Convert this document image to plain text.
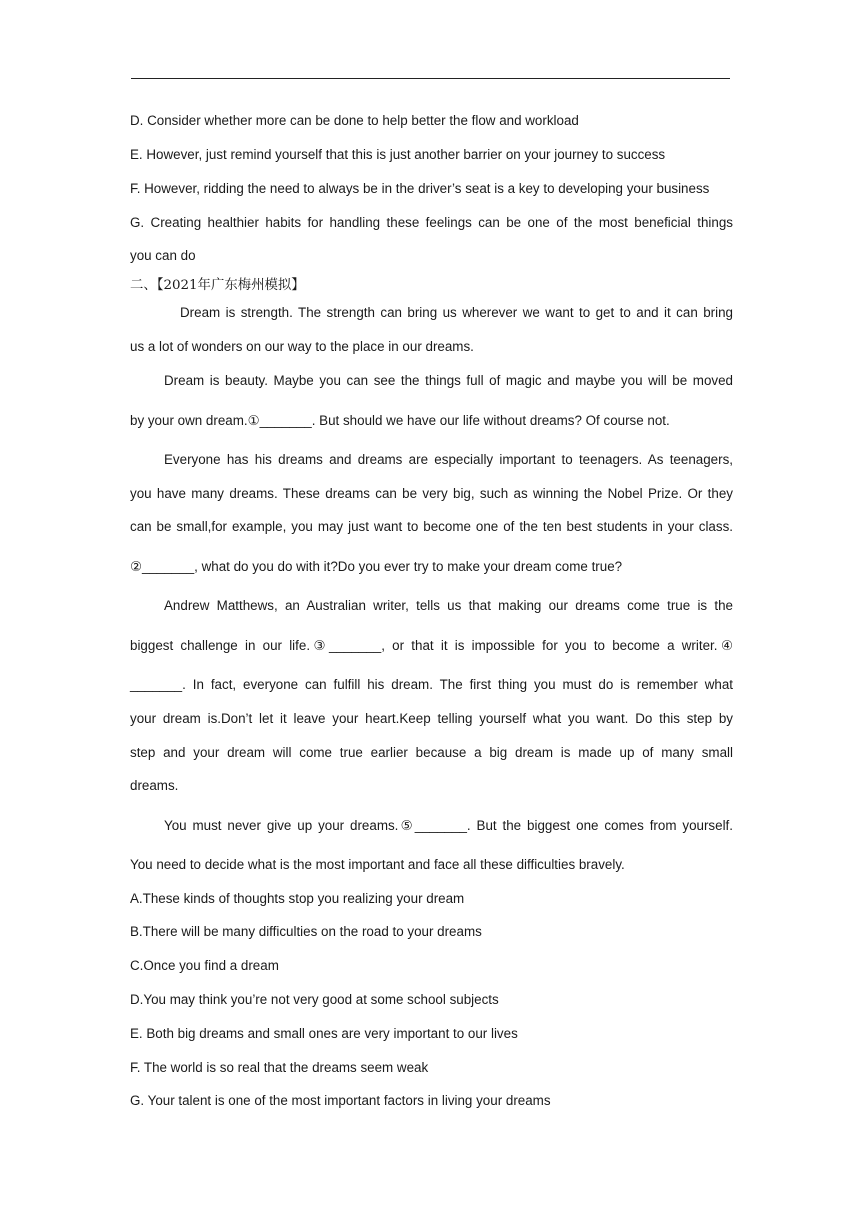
D. Consider whether more can be done to help better the flow and workload
E. However, just remind yourself that this is just another barrier on your journey to success
F. However, ridding the need to always be in the driver’s seat is a key to developing your business
G. Creating healthier habits for handling these feelings can be one of the most beneficial things
you can do
二、【2021年广东梅州模拟】
Dream is strength. The strength can bring us wherever we want to get to and it can bring
us a lot of wonders on our way to the place in our dreams.
Dream is beauty. Maybe you can see the things full of magic and maybe you will be moved
by your own dream.①_______. But should we have our life without dreams? Of course not.
Everyone has his dreams and dreams are especially important to teenagers. As teenagers,
you have many dreams. These dreams can be very big, such as winning the Nobel Prize. Or they
can be small,for example, you may just want to become one of the ten best students in your class.
②_______, what do you do with it?Do you ever try to make your dream come true?
Andrew Matthews, an Australian writer, tells us that making our dreams come true is the
biggest challenge in our life.③_______, or that it is impossible for you to become a writer.④
_______. In fact, everyone can fulfill his dream. The first thing you must do is remember what
your dream is.Don’t let it leave your heart.Keep telling yourself what you want. Do this step by
step and your dream will come true earlier because a big dream is made up of many small
dreams.
You must never give up your dreams.⑤_______. But the biggest one comes from yourself.
You need to decide what is the most important and face all these difficulties bravely.
A.These kinds of thoughts stop you realizing your dream
B.There will be many difficulties on the road to your dreams
C.Once you find a dream
D.You may think you’re not very good at some school subjects
E. Both big dreams and small ones are very important to our lives
F. The world is so real that the dreams seem weak
G. Your talent is one of the most important factors in living your dreams
